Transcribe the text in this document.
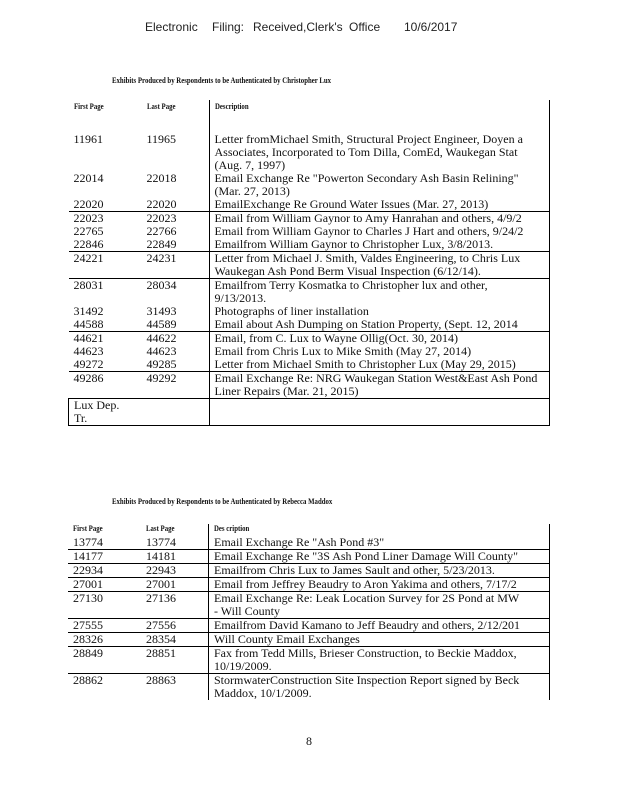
Electronic Filing: Received,Clerk's Office 10/6/2017
Exhibits Produced by Respondents to be Authenticated by Christopher Lux
First Page	Last Page	Description
11961	11965	Letter fromMichael Smith, Structural Project Engineer, Doyen a
Associates, Incorporated to Tom Dilla, ComEd, Waukegan Stat
(Aug. 7, 1997)

22014	22018	Email Exchange Re "Powerton Secondary Ash Basin Relining"
(Mar. 27, 2013)

22020	22020	EmailExchange Re Ground Water Issues (Mar. 27, 2013)

22023	22023	Email from William Gaynor to Amy Hanrahan and others, 4/9/2

22765	22766	Email from William Gaynor to Charles J Hart and others, 9/24/2

22846	22849	Emailfrom William Gaynor to Christopher Lux, 3/8/2013.

24221	24231	Letter from Michael J. Smith, Valdes Engineering, to Chris Lux
Waukegan Ash Pond Berm Visual Inspection (6/12/14).

28031	28034	Emailfrom Terry Kosmatka to Christopher lux and other,
9/13/2013.

31492	31493	Photographs of liner installation

44588	44589	Email about Ash Dumping on Station Property, (Sept. 12, 2014

44621	44622	Email, from C. Lux to Wayne Ollig(Oct. 30, 2014)

44623	44623	Email from Chris Lux to Mike Smith (May 27, 2014)

49272	49285	Letter from Michael Smith to Christopher Lux (May 29, 2015)

49286	49292	Email Exchange Re: NRG Waukegan Station West&East Ash Pond
Liner Repairs (Mar. 21, 2015)

Lux Dep. Tr.		

Exhibits Produced by Respondents to be Authenticated by Rebecca Maddox
First Page	Last Page	Des cription
13774	13774	Email Exchange Re "Ash Pond #3"

14177	14181	Email Exchange Re "3S Ash Pond Liner Damage Will County"

22934	22943	Emailfrom Chris Lux to James Sault and other, 5/23/2013.

27001	27001	Email from Jeffrey Beaudry to Aron Yakima and others, 7/17/2

27130	27136	Email Exchange Re: Leak Location Survey for 2S Pond at MW
- Will County

27555	27556	Emailfrom David Kamano to Jeff Beaudry and others, 2/12/201

28326	28354	Will County Email Exchanges

28849	28851	Fax from Tedd Mills, Brieser Construction, to Beckie Maddox,
10/19/2009.

28862	28863	StormwaterConstruction Site Inspection Report signed by Beck
Maddox, 10/1/2009.
8
